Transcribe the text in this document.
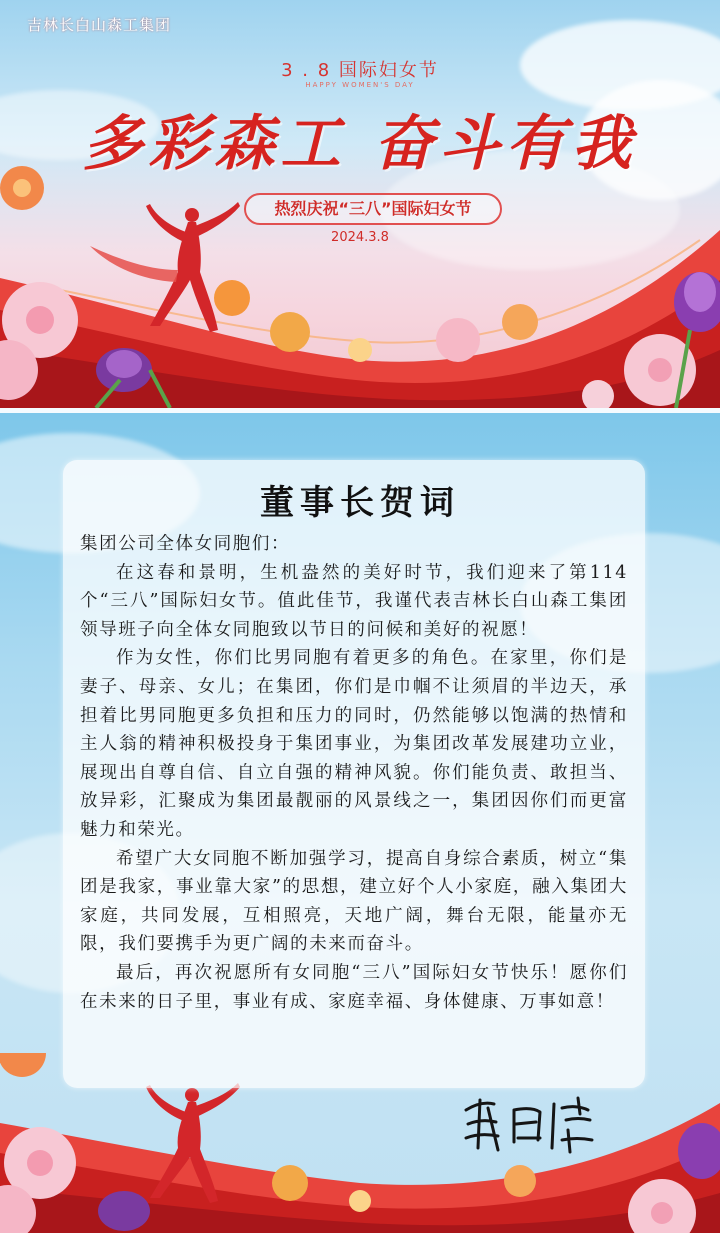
吉林长白山森工集团
3 . 8 国际妇女节
HAPPY WOMEN'S DAY
多彩森工 奋斗有我
热烈庆祝“三八”国际妇女节
2024.3.8
董事长贺词

集团公司全体女同胞们：

在这春和景明，生机盎然的美好时节，我们迎来了第114个“三八”国际妇女节。值此佳节，我谨代表吉林长白山森工集团领导班子向全体女同胞致以节日的问候和美好的祝愿！

作为女性，你们比男同胞有着更多的角色。在家里，你们是妻子、母亲、女儿；在集团，你们是巾帼不让须眉的半边天，承担着比男同胞更多负担和压力的同时，仍然能够以饱满的热情和主人翁的精神积极投身于集团事业，为集团改革发展建功立业，展现出自尊自信、自立自强的精神风貌。你们能负责、敢担当、放异彩，汇聚成为集团最靓丽的风景线之一，集团因你们而更富魅力和荣光。

希望广大女同胞不断加强学习，提高自身综合素质，树立“集团是我家，事业靠大家”的思想，建立好个人小家庭，融入集团大家庭，共同发展，互相照亮，天地广阔，舞台无限，能量亦无限，我们要携手为更广阔的未来而奋斗。

最后，再次祝愿所有女同胞“三八”国际妇女节快乐！愿你们在未来的日子里，事业有成、家庭幸福、身体健康、万事如意！
